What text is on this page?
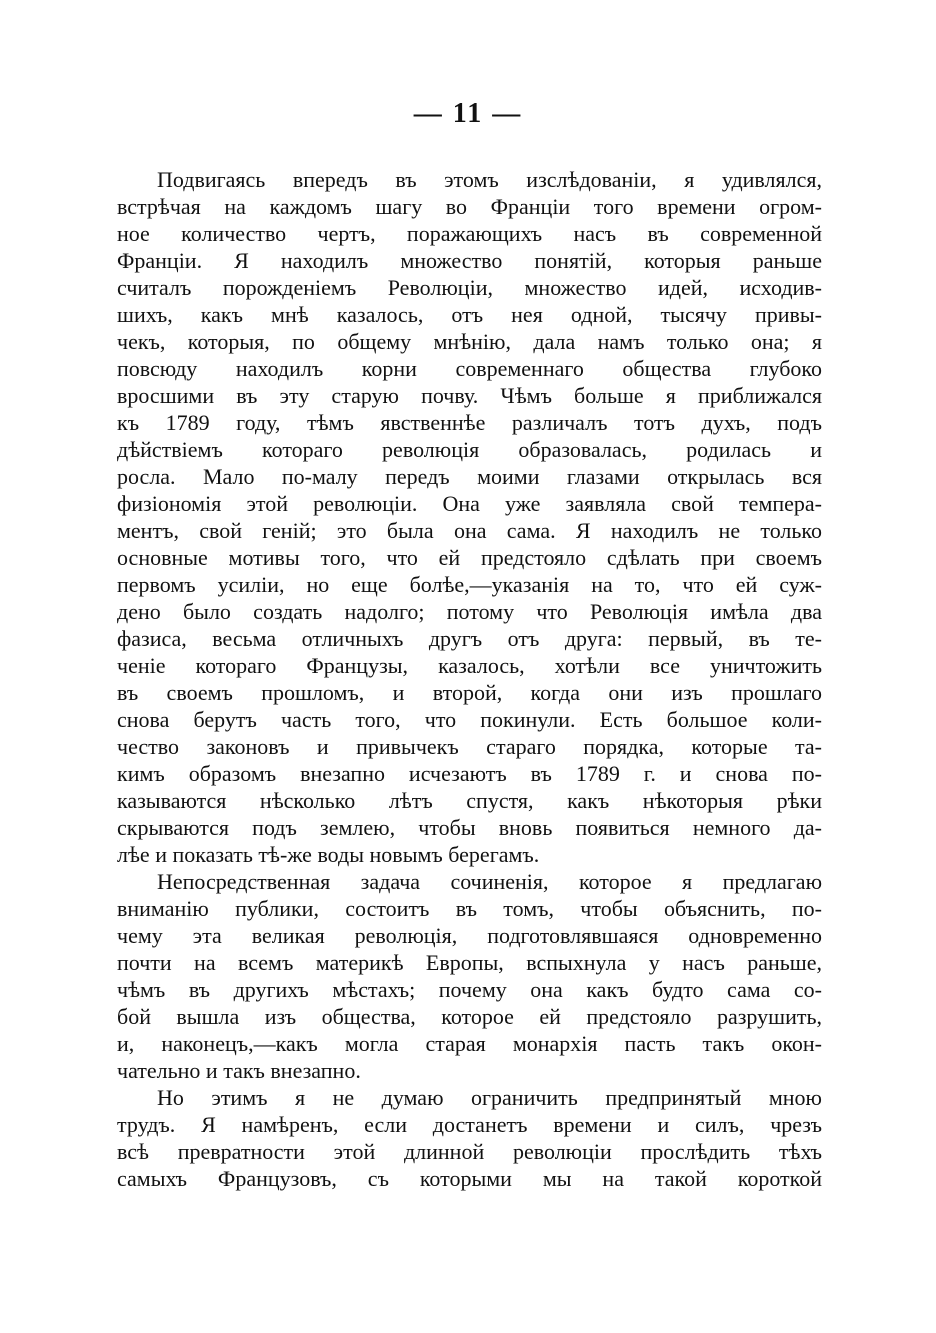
— 11 —
Подвигаясь впередъ въ этомъ изслѣдованіи, я удивлялся,
встрѣчая на каждомъ шагу во Франціи того времени огром-
ное количество чертъ, поражающихъ насъ въ современной
Франціи. Я находилъ множество понятій, которыя раньше
считалъ порожденіемъ Революціи, множество идей, исходив-
шихъ, какъ мнѣ казалось, отъ нея одной, тысячу привы-
чекъ, которыя, по общему мнѣнію, дала намъ только она; я
повсюду находилъ корни современнаго общества глубоко
вросшими въ эту старую почву. Чѣмъ больше я приближался
къ 1789 году, тѣмъ явственнѣе различалъ тотъ духъ, подъ
дѣйствіемъ котораго революція образовалась, родилась и
росла. Мало по-малу передъ моими глазами открылась вся
физіономія этой революціи. Она уже заявляла свой темпера-
ментъ, свой геній; это была она сама. Я находилъ не только
основные мотивы того, что ей предстояло сдѣлать при своемъ
первомъ усиліи, но еще болѣе,—указанія на то, что ей суж-
дено было создать надолго; потому что Революція имѣла два
фазиса, весьма отличныхъ другъ отъ друга: первый, въ те-
ченіе котораго Французы, казалось, хотѣли все уничтожить
въ своемъ прошломъ, и второй, когда они изъ прошлаго
снова берутъ часть того, что покинули. Есть большое коли-
чество законовъ и привычекъ стараго порядка, которые та-
кимъ образомъ внезапно исчезаютъ въ 1789 г. и снова по-
казываются нѣсколько лѣтъ спустя, какъ нѣкоторыя рѣки
скрываются подъ землею, чтобы вновь появиться немного да-
лѣе и показать тѣ-же воды новымъ берегамъ.
Непосредственная задача сочиненія, которое я предлагаю
вниманію публики, состоитъ въ томъ, чтобы объяснить, по-
чему эта великая революція, подготовлявшаяся одновременно
почти на всемъ материкѣ Европы, вспыхнула у насъ раньше,
чѣмъ въ другихъ мѣстахъ; почему она какъ будто сама со-
бой вышла изъ общества, которое ей предстояло разрушить,
и, наконецъ,—какъ могла старая монархія пасть такъ окон-
чательно и такъ внезапно.
Но этимъ я не думаю ограничить предпринятый мною
трудъ. Я намѣренъ, если достанетъ времени и силъ, чрезъ
всѣ превратности этой длинной революціи прослѣдить тѣхъ
самыхъ Французовъ, съ которыми мы на такой короткой
